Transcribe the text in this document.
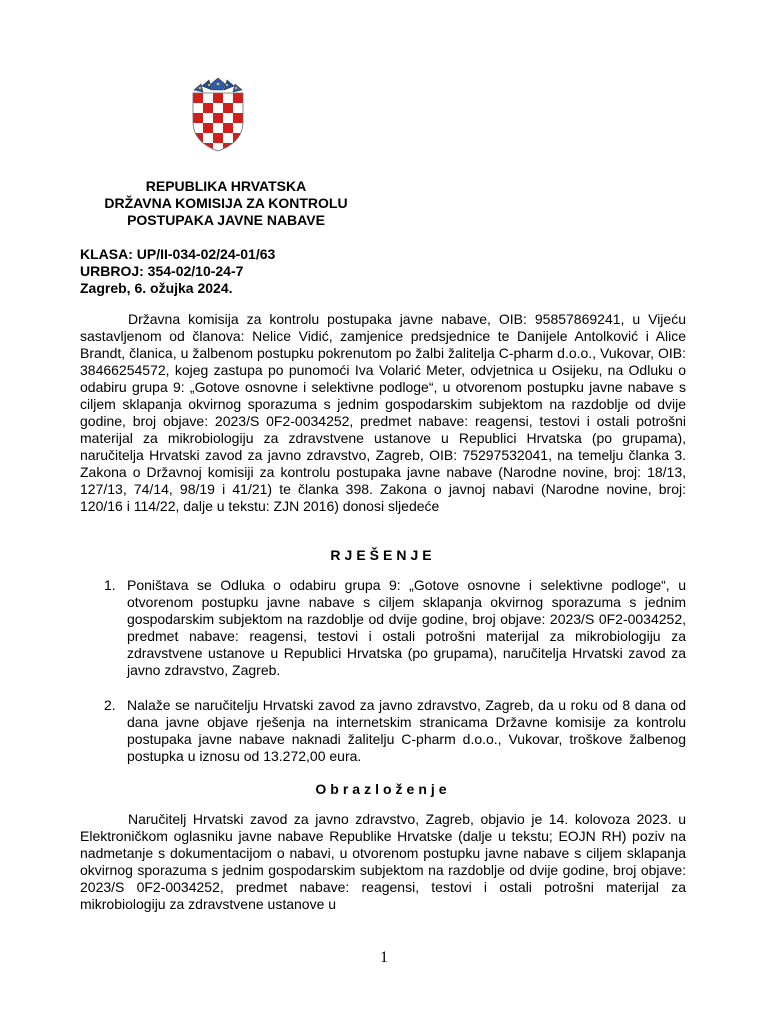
REPUBLIKA HRVATSKA
DRŽAVNA KOMISIJA ZA KONTROLU
POSTUPAKA JAVNE NABAVE
KLASA: UP/II-034-02/24-01/63
URBROJ: 354-02/10-24-7
Zagreb, 6. ožujka 2024.

Državna komisija za kontrolu postupaka javne nabave, OIB: 95857869241, u Vijeću sastavljenom od članova: Nelice Vidić, zamjenice predsjednice te Danijele Antolković i Alice Brandt, članica, u žalbenom postupku pokrenutom po žalbi žalitelja C-pharm d.o.o., Vukovar, OIB: 38466254572, kojeg zastupa po punomoći Iva Volarić Meter, odvjetnica u Osijeku, na Odluku o odabiru grupa 9: „Gotove osnovne i selektivne podloge“, u otvorenom postupku javne nabave s ciljem sklapanja okvirnog sporazuma s jednim gospodarskim subjektom na razdoblje od dvije godine, broj objave: 2023/S 0F2-0034252, predmet nabave: reagensi, testovi i ostali potrošni materijal za mikrobiologiju za zdravstvene ustanove u Republici Hrvatska (po grupama), naručitelja Hrvatski zavod za javno zdravstvo, Zagreb, OIB: 75297532041, na temelju članka 3. Zakona o Državnoj komisiji za kontrolu postupaka javne nabave (Narodne novine, broj: 18/13, 127/13, 74/14, 98/19 i 41/21) te članka 398. Zakona o javnoj nabavi (Narodne novine, broj: 120/16 i 114/22, dalje u tekstu: ZJN 2016) donosi sljedeće

RJEŠENJE
1. Poništava se Odluka o odabiru grupa 9: „Gotove osnovne i selektivne podloge“, u otvorenom postupku javne nabave s ciljem sklapanja okvirnog sporazuma s jednim gospodarskim subjektom na razdoblje od dvije godine, broj objave: 2023/S 0F2-0034252, predmet nabave: reagensi, testovi i ostali potrošni materijal za mikrobiologiju za zdravstvene ustanove u Republici Hrvatska (po grupama), naručitelja Hrvatski zavod za javno zdravstvo, Zagreb.
2. Nalaže se naručitelju Hrvatski zavod za javno zdravstvo, Zagreb, da u roku od 8 dana od dana javne objave rješenja na internetskim stranicama Državne komisije za kontrolu postupaka javne nabave naknadi žalitelju C-pharm d.o.o., Vukovar, troškove žalbenog postupka u iznosu od 13.272,00 eura.
Obrazloženje

Naručitelj Hrvatski zavod za javno zdravstvo, Zagreb, objavio je 14. kolovoza 2023. u Elektroničkom oglasniku javne nabave Republike Hrvatske (dalje u tekstu; EOJN RH) poziv na nadmetanje s dokumentacijom o nabavi, u otvorenom postupku javne nabave s ciljem sklapanja okvirnog sporazuma s jednim gospodarskim subjektom na razdoblje od dvije godine, broj objave: 2023/S 0F2-0034252, predmet nabave: reagensi, testovi i ostali potrošni materijal za mikrobiologiju za zdravstvene ustanove u

1
